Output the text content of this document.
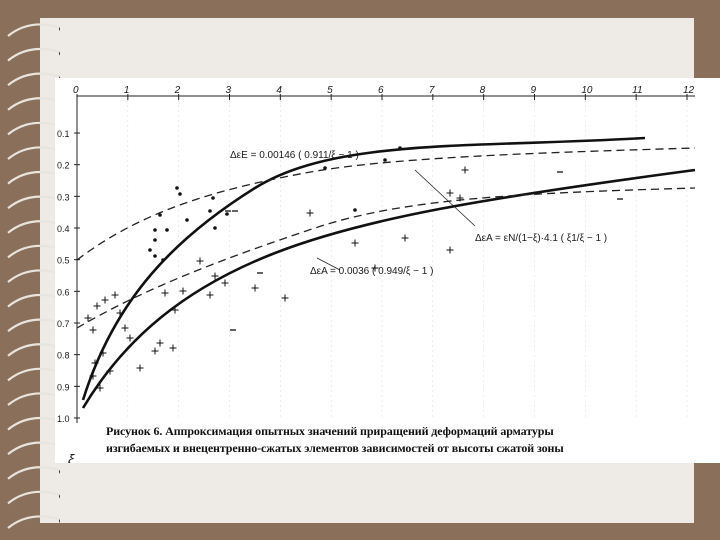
0	1	2	3	4	5	6	7	8	9	10	11	12
0.1
0.2
0.3
0.4
0.5
0.6
0.7
0.8
0.9
1.0
ΔεE = 0.00146 ( 0.911/ξ − 1 )
ΔεA = 0.0036 ( 0.949/ξ − 1 )
ΔεA = εN/(1−ξ)·4.1 ( ξ1/ξ − 1 )
ξ
Рисунок 6. Аппроксимация опытных значений приращений деформаций арматуры
изгибаемых и внецентренно-сжатых элементов зависимостей от высоты сжатой зоны
